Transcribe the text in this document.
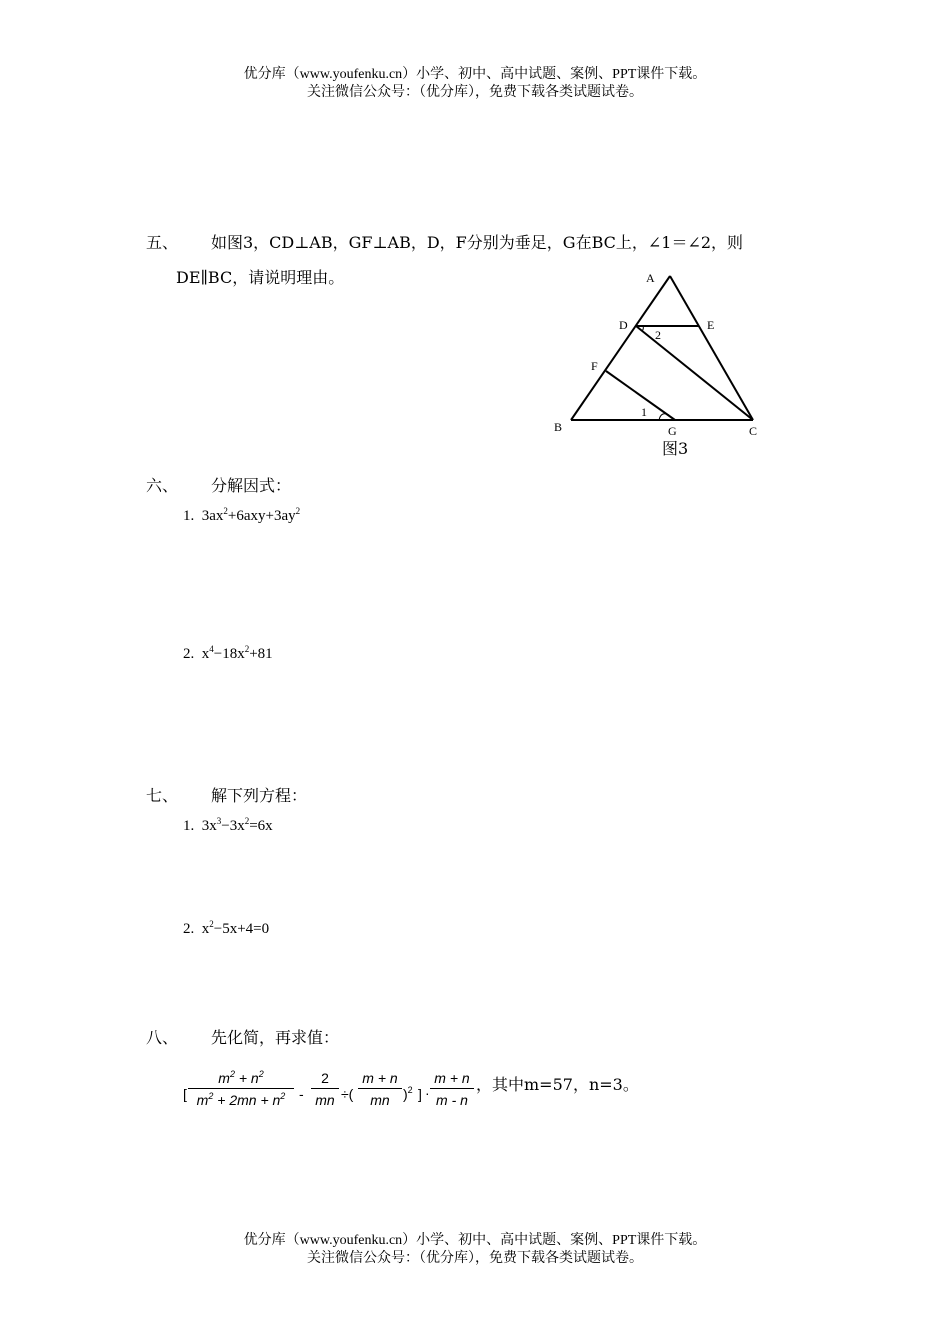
优分库（www.youfenku.cn）小学、初中、高中试题、案例、PPT课件下载。
关注微信公众号：（优分库），免费下载各类试题试卷。
五、 如图3，CD⊥AB，GF⊥AB，D，F分别为垂足，G在BC上，∠1＝∠2，则
DE∥BC，请说明理由。	A
D	E
2
F
1
B	G	C
图3
六、 分解因式：
1. $3ax^2+6axy+3ay^2$
2. $x^4-18x^2+81$
七、 解下列方程：
1. $3x^3-3x^2=6x$
2. $x^2-5x+4=0$
八、 先化简，再求值：
[ $\frac{m^2 + n^2}{m^2 + 2mn + n^2} - \frac{2}{mn}$ ÷( $\frac{m + n}{mn} )^2$ ] · $\frac{m + n}{m - n}$ ，其中m=57，n=3。
优分库（www.youfenku.cn）小学、初中、高中试题、案例、PPT课件下载。
关注微信公众号：（优分库），免费下载各类试题试卷。
